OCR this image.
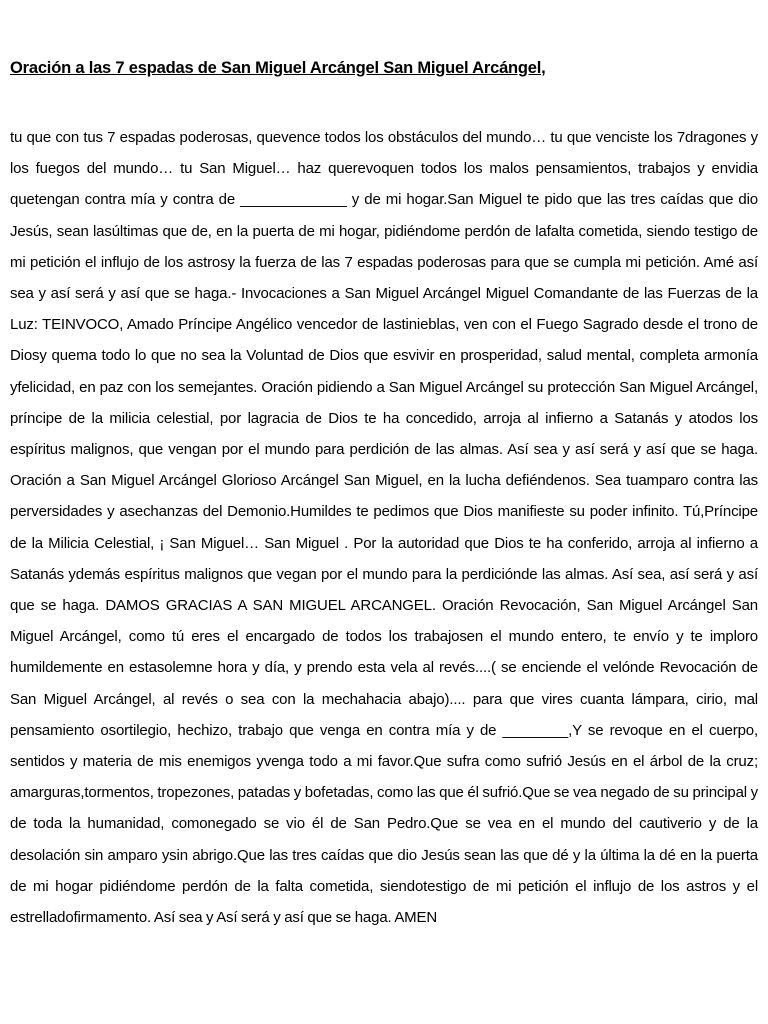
Oración a las 7 espadas de San Miguel Arcángel San Miguel Arcángel,

tu que con tus 7 espadas poderosas, quevence todos los obstáculos del mundo… tu que venciste los 7dragones y los fuegos del mundo… tu San Miguel… haz querevoquen todos los malos pensamientos, trabajos y envidia quetengan contra mía y contra de _____________ y de mi hogar.San Miguel te pido que las tres caídas que dio Jesús, sean lasúltimas que de, en la puerta de mi hogar, pidiéndome perdón de lafalta cometida, siendo testigo de mi petición el influjo de los astrosy la fuerza de las 7 espadas poderosas para que se cumpla mi petición. Amé así sea y así será y así que se haga.- Invocaciones a San Miguel Arcángel Miguel Comandante de las Fuerzas de la Luz: TEINVOCO, Amado Príncipe Angélico vencedor de lastinieblas, ven con el Fuego Sagrado desde el trono de Diosy quema todo lo que no sea la Voluntad de Dios que esvivir en prosperidad, salud mental, completa armonía yfelicidad, en paz con los semejantes. Oración pidiendo a San Miguel Arcángel su protección San Miguel Arcángel, príncipe de la milicia celestial, por lagracia de Dios te ha concedido, arroja al infierno a Satanás y atodos los espíritus malignos, que vengan por el mundo para perdición de las almas. Así sea y así será y así que se haga. Oración a San Miguel Arcángel Glorioso Arcángel San Miguel, en la lucha defiéndenos. Sea tuamparo contra las perversidades y asechanzas del Demonio.Humildes te pedimos que Dios manifieste su poder infinito. Tú,Príncipe de la Milicia Celestial, ¡ San Miguel… San Miguel . Por la autoridad que Dios te ha conferido, arroja al infierno a Satanás ydemás espíritus malignos que vegan por el mundo para la perdiciónde las almas. Así sea, así será y así que se haga. DAMOS GRACIAS A SAN MIGUEL ARCANGEL. Oración Revocación, San Miguel Arcángel San Miguel Arcángel, como tú eres el encargado de todos los trabajosen el mundo entero, te envío y te imploro humildemente en estasolemne hora y día, y prendo esta vela al revés....( se enciende el velónde Revocación de San Miguel Arcángel, al revés o sea con la mechahacia abajo).... para que vires cuanta lámpara, cirio, mal pensamiento osortilegio, hechizo, trabajo que venga en contra mía y de ________,Y se revoque en el cuerpo, sentidos y materia de mis enemigos yvenga todo a mi favor.Que sufra como sufrió Jesús en el árbol de la cruz; amarguras,tormentos, tropezones, patadas y bofetadas, como las que él sufrió.Que se vea negado de su principal y de toda la humanidad, comonegado se vio él de San Pedro.Que se vea en el mundo del cautiverio y de la desolación sin amparo ysin abrigo.Que las tres caídas que dio Jesús sean las que dé y la última la dé en la puerta de mi hogar pidiéndome perdón de la falta cometida, siendotestigo de mi petición el influjo de los astros y el estrelladofirmamento. Así sea y Así será y así que se haga. AMEN
